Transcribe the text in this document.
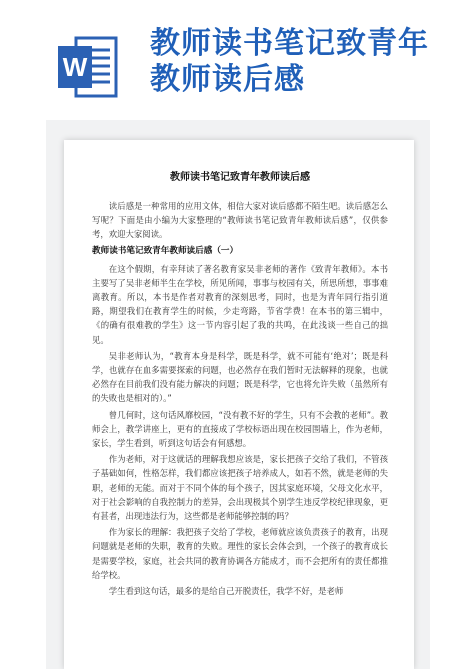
W
教师读书笔记致青年教师读后感
教师读书笔记致青年教师读后感

读后感是一种常用的应用文体，相信大家对读后感都不陌生吧。读后感怎么写呢？下面是由小编为大家整理的“教师读书笔记致青年教师读后感”，仅供参考，欢迎大家阅读。

教师读书笔记致青年教师读后感（一）

在这个假期，有幸拜读了著名教育家吴非老师的著作《致青年教师》。本书主要写了吴非老师半生在学校，所见所闻，事事与校园有关，所思所想，事事难离教育。所以，本书是作者对教育的深刻思考，同时，也是为青年同行指引道路，期望我们在教育学生的时候，少走弯路，节省学费！在本书的第三辑中，《的确有很难教的学生》这一节内容引起了我的共鸣，在此浅谈一些自己的拙见。

吴非老师认为，“教育本身是科学，既是科学，就不可能有‘绝对’；既是科学，也就存在血多需要探索的问题，也必然存在我们暂时无法解释的现象，也就必然存在目前我们没有能力解决的问题；既是科学，它也将允许失败（虽然所有的失败也是相对的）。”

曾几何时，这句话风靡校园，“没有教不好的学生，只有不会教的老师”。教师会上，教学讲座上，更有的直接成了学校标语出现在校园围墙上，作为老师，家长，学生看到，听到这句话会有何感想。

作为老师，对于这就话的理解我想应该是，家长把孩子交给了我们，不管孩子基础如何，性格怎样，我们都应该把孩子培养成人，如若不然，就是老师的失职，老师的无能。而对于不同个体的每个孩子，因其家庭环境，父母文化水平，对于社会影响的自我控制力的差异，会出现极其个别学生违反学校纪律现象，更有甚者，出现违法行为，这些都是老师能够控制的吗？

作为家长的理解：我把孩子交给了学校，老师就应该负责孩子的教育，出现问题就是老师的失职，教育的失败。理性的家长会体会到，一个孩子的教育成长是需要学校，家庭，社会共同的教育协调各方能成才，而不会把所有的责任都推给学校。

学生看到这句话，最多的是给自己开脱责任，我学不好，是老师
